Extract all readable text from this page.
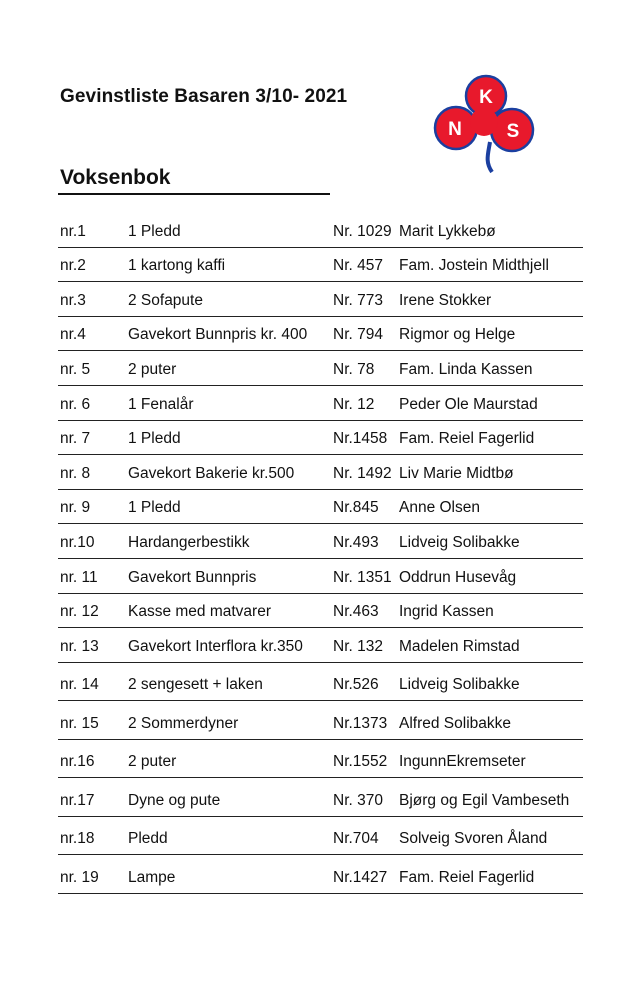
Gevinstliste Basaren 3/10- 2021	K
N S
Voksenbok
nr.1	1 Pledd	Nr. 1029 Marit Lykkebø
nr.2	1 kartong kaffi	Nr. 457 Fam. Jostein Midthjell
nr.3	2 Sofapute	Nr. 773 Irene Stokker
nr.4	Gavekort Bunnpris kr. 400 Nr. 794 Rigmor og Helge
nr. 5 2 puter	Nr. 78 Fam. Linda Kassen
nr. 6 1 Fenalår	Nr. 12 Peder Ole Maurstad
nr. 7 1 Pledd	Nr.1458 Fam. Reiel Fagerlid
nr. 8 Gavekort Bakerie kr.500 Nr. 1492 Liv Marie Midtbø
nr. 9 1 Pledd	Nr.845 Anne Olsen
nr.10 Hardangerbestikk	Nr.493 Lidveig Solibakke
nr. 11 Gavekort Bunnpris	Nr. 1351 Oddrun Husevåg
nr. 12 Kasse med matvarer	Nr.463 Ingrid Kassen
nr. 13 Gavekort Interflora kr.350 Nr. 132 Madelen Rimstad
nr. 14 2 sengesett + laken	Nr.526 Lidveig Solibakke
nr. 15 2 Sommerdyner	Nr.1373 Alfred Solibakke
nr.16 2 puter	Nr.1552 IngunnEkremseter
nr.17 Dyne og pute	Nr. 370 Bjørg og Egil Vambeseth
nr.18 Pledd	Nr.704 Solveig Svoren Åland
nr. 19 Lampe	Nr.1427 Fam. Reiel Fagerlid
